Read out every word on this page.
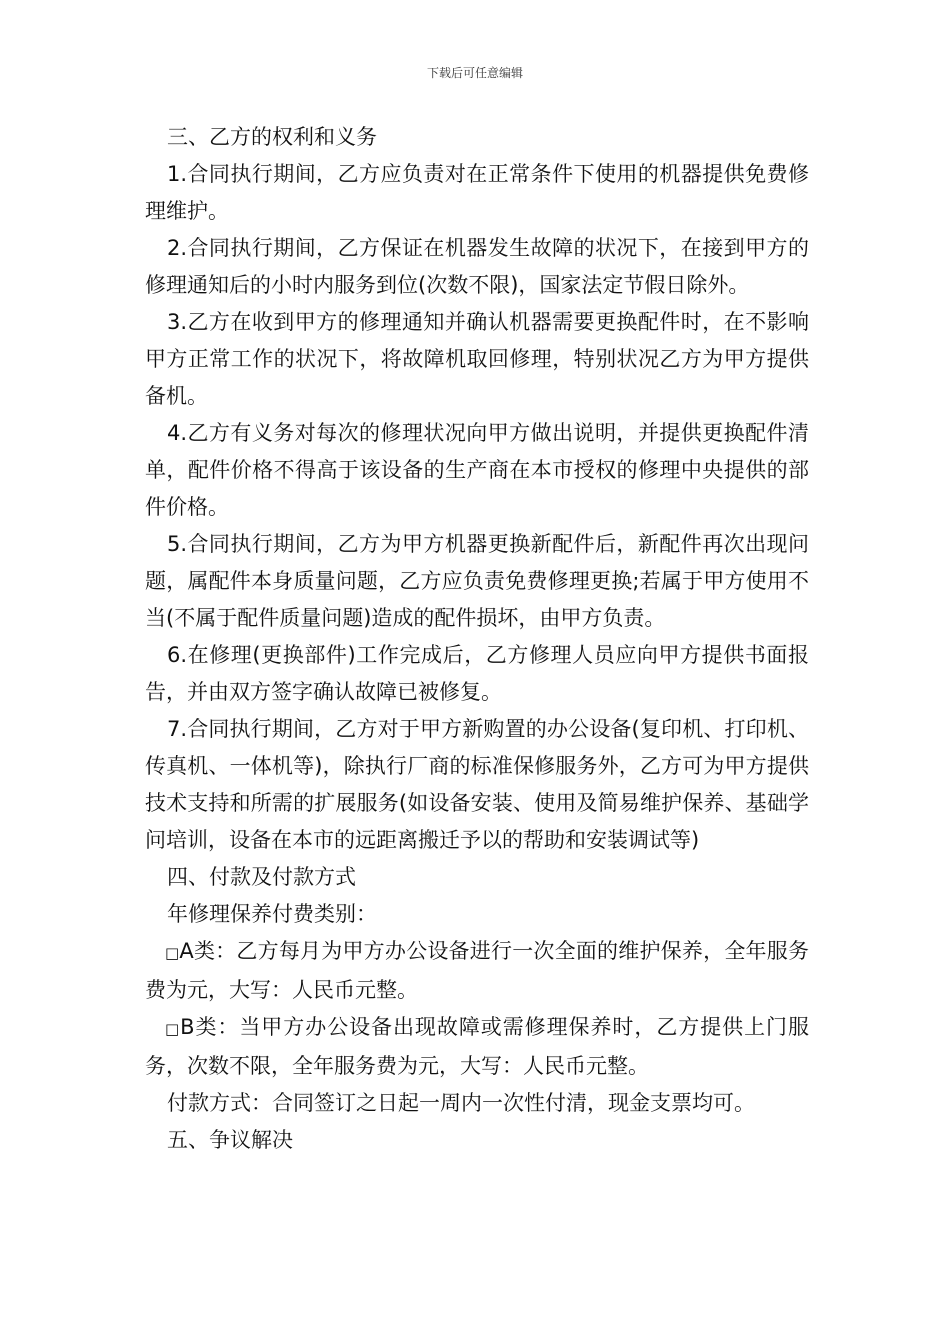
下载后可任意编辑

三、乙方的权利和义务

1.合同执行期间，乙方应负责对在正常条件下使用的机器提供免费修理维护。

2.合同执行期间，乙方保证在机器发生故障的状况下，在接到甲方的修理通知后的小时内服务到位(次数不限)，国家法定节假日除外。

3.乙方在收到甲方的修理通知并确认机器需要更换配件时，在不影响甲方正常工作的状况下，将故障机取回修理，特别状况乙方为甲方提供备机。

4.乙方有义务对每次的修理状况向甲方做出说明，并提供更换配件清单，配件价格不得高于该设备的生产商在本市授权的修理中央提供的部件价格。

5.合同执行期间，乙方为甲方机器更换新配件后，新配件再次出现问题，属配件本身质量问题，乙方应负责免费修理更换;若属于甲方使用不当(不属于配件质量问题)造成的配件损坏，由甲方负责。

6.在修理(更换部件)工作完成后，乙方修理人员应向甲方提供书面报告，并由双方签字确认故障已被修复。

7.合同执行期间，乙方对于甲方新购置的办公设备(复印机、打印机、传真机、一体机等)，除执行厂商的标准保修服务外，乙方可为甲方提供技术支持和所需的扩展服务(如设备安装、使用及简易维护保养、基础学问培训，设备在本市的远距离搬迁予以的帮助和安装调试等)

四、付款及付款方式

年修理保养付费类别：

□A类：乙方每月为甲方办公设备进行一次全面的维护保养，全年服务费为元，大写：人民币元整。

□B类：当甲方办公设备出现故障或需修理保养时，乙方提供上门服务，次数不限，全年服务费为元，大写：人民币元整。

付款方式：合同签订之日起一周内一次性付清，现金支票均可。

五、争议解决
